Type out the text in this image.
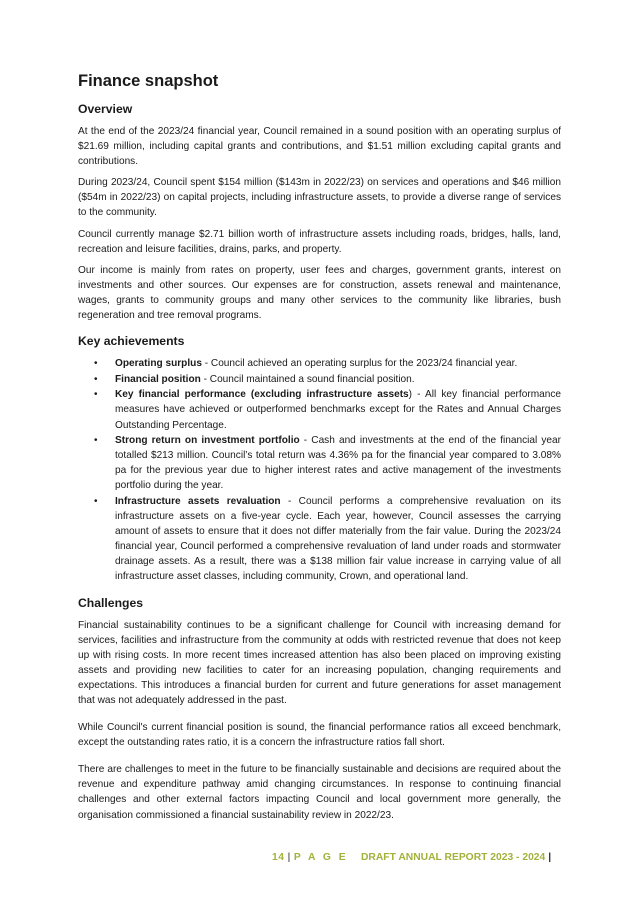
Finance snapshot
Overview

At the end of the 2023/24 financial year, Council remained in a sound position with an operating surplus of $21.69 million, including capital grants and contributions, and $1.51 million excluding capital grants and contributions.

During 2023/24, Council spent $154 million ($143m in 2022/23) on services and operations and $46 million ($54m in 2022/23) on capital projects, including infrastructure assets, to provide a diverse range of services to the community.

Council currently manage $2.71 billion worth of infrastructure assets including roads, bridges, halls, land, recreation and leisure facilities, drains, parks, and property.

Our income is mainly from rates on property, user fees and charges, government grants, interest on investments and other sources. Our expenses are for construction, assets renewal and maintenance, wages, grants to community groups and many other services to the community like libraries, bush regeneration and tree removal programs.

Key achievements
• Operating surplus - Council achieved an operating surplus for the 2023/24 financial year.
• Financial position - Council maintained a sound financial position.
• Key financial performance (excluding infrastructure assets) - All key financial performance measures have achieved or outperformed benchmarks except for the Rates and Annual Charges Outstanding Percentage.
• Strong return on investment portfolio - Cash and investments at the end of the financial year totalled $213 million. Council’s total return was 4.36% pa for the financial year compared to 3.08% pa for the previous year due to higher interest rates and active management of the investments portfolio during the year.
• Infrastructure assets revaluation - Council performs a comprehensive revaluation on its infrastructure assets on a five-year cycle. Each year, however, Council assesses the carrying amount of assets to ensure that it does not differ materially from the fair value. During the 2023/24 financial year, Council performed a comprehensive revaluation of land under roads and stormwater drainage assets. As a result, there was a $138 million fair value increase in carrying value of all infrastructure asset classes, including community, Crown, and operational land.
Challenges

Financial sustainability continues to be a significant challenge for Council with increasing demand for services, facilities and infrastructure from the community at odds with restricted revenue that does not keep up with rising costs. In more recent times increased attention has also been placed on improving existing assets and providing new facilities to cater for an increasing population, changing requirements and expectations. This introduces a financial burden for current and future generations for asset management that was not adequately addressed in the past.

While Council's current financial position is sound, the financial performance ratios all exceed benchmark, except the outstanding rates ratio, it is a concern the infrastructure ratios fall short.

There are challenges to meet in the future to be financially sustainable and decisions are required about the revenue and expenditure pathway amid changing circumstances. In response to continuing financial challenges and other external factors impacting Council and local government more generally, the organisation commissioned a financial sustainability review in 2022/23.

14 | P A G E DRAFT ANNUAL REPORT 2023 - 2024 |
